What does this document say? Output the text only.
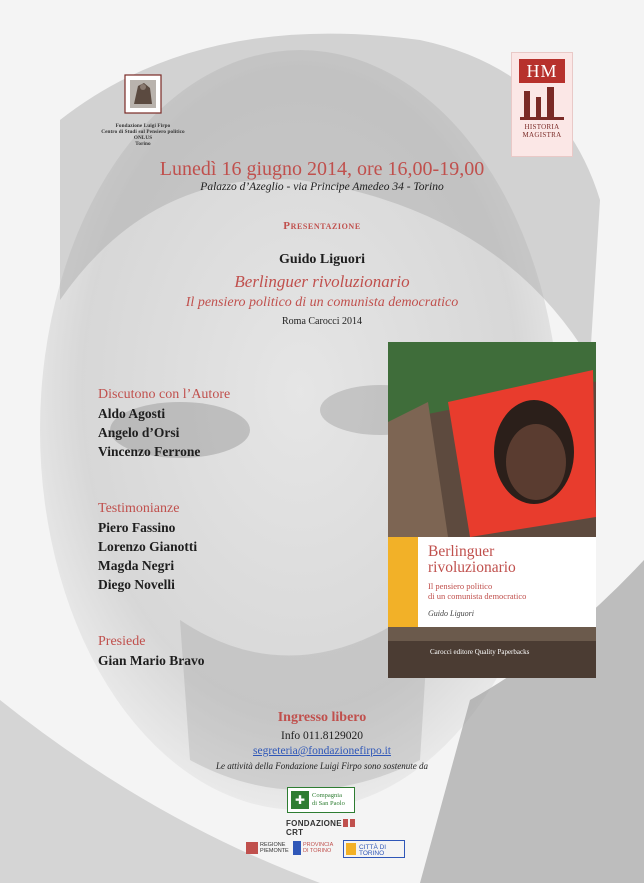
Fondazione Luigi Firpo
Centro di Studi sul Pensiero politico
ONLUS
Torino
HM
HISTORIA
MAGISTRA
Lunedì 16 giugno 2014, ore 16,00-19,00
Palazzo d’Azeglio - via Principe Amedeo 34 - Torino
Presentazione
Guido Liguori
Berlinguer rivoluzionario
Il pensiero politico di un comunista democratico
Roma Carocci 2014
Discutono con l’Autore
Aldo Agosti
Angelo d’Orsi
Vincenzo Ferrone
Testimonianze
Piero Fassino
Lorenzo Gianotti
Magda Negri
Diego Novelli
Presiede
Gian Mario Bravo
Berlinguer
rivoluzionario
Il pensiero politico
di un comunista democratico
Guido Liguori
Carocci editore Quality Paperbacks
Ingresso libero
Info 011.8129020
segreteria@fondazionefirpo.it
Le attività della Fondazione Luigi Firpo sono sostenute da
✚	Compagnia
di San Paolo
FONDAZIONECRT
REGIONE
PIEMONTE
PROVINCIA
DI TORINO	CITTÀ DI TORINO
